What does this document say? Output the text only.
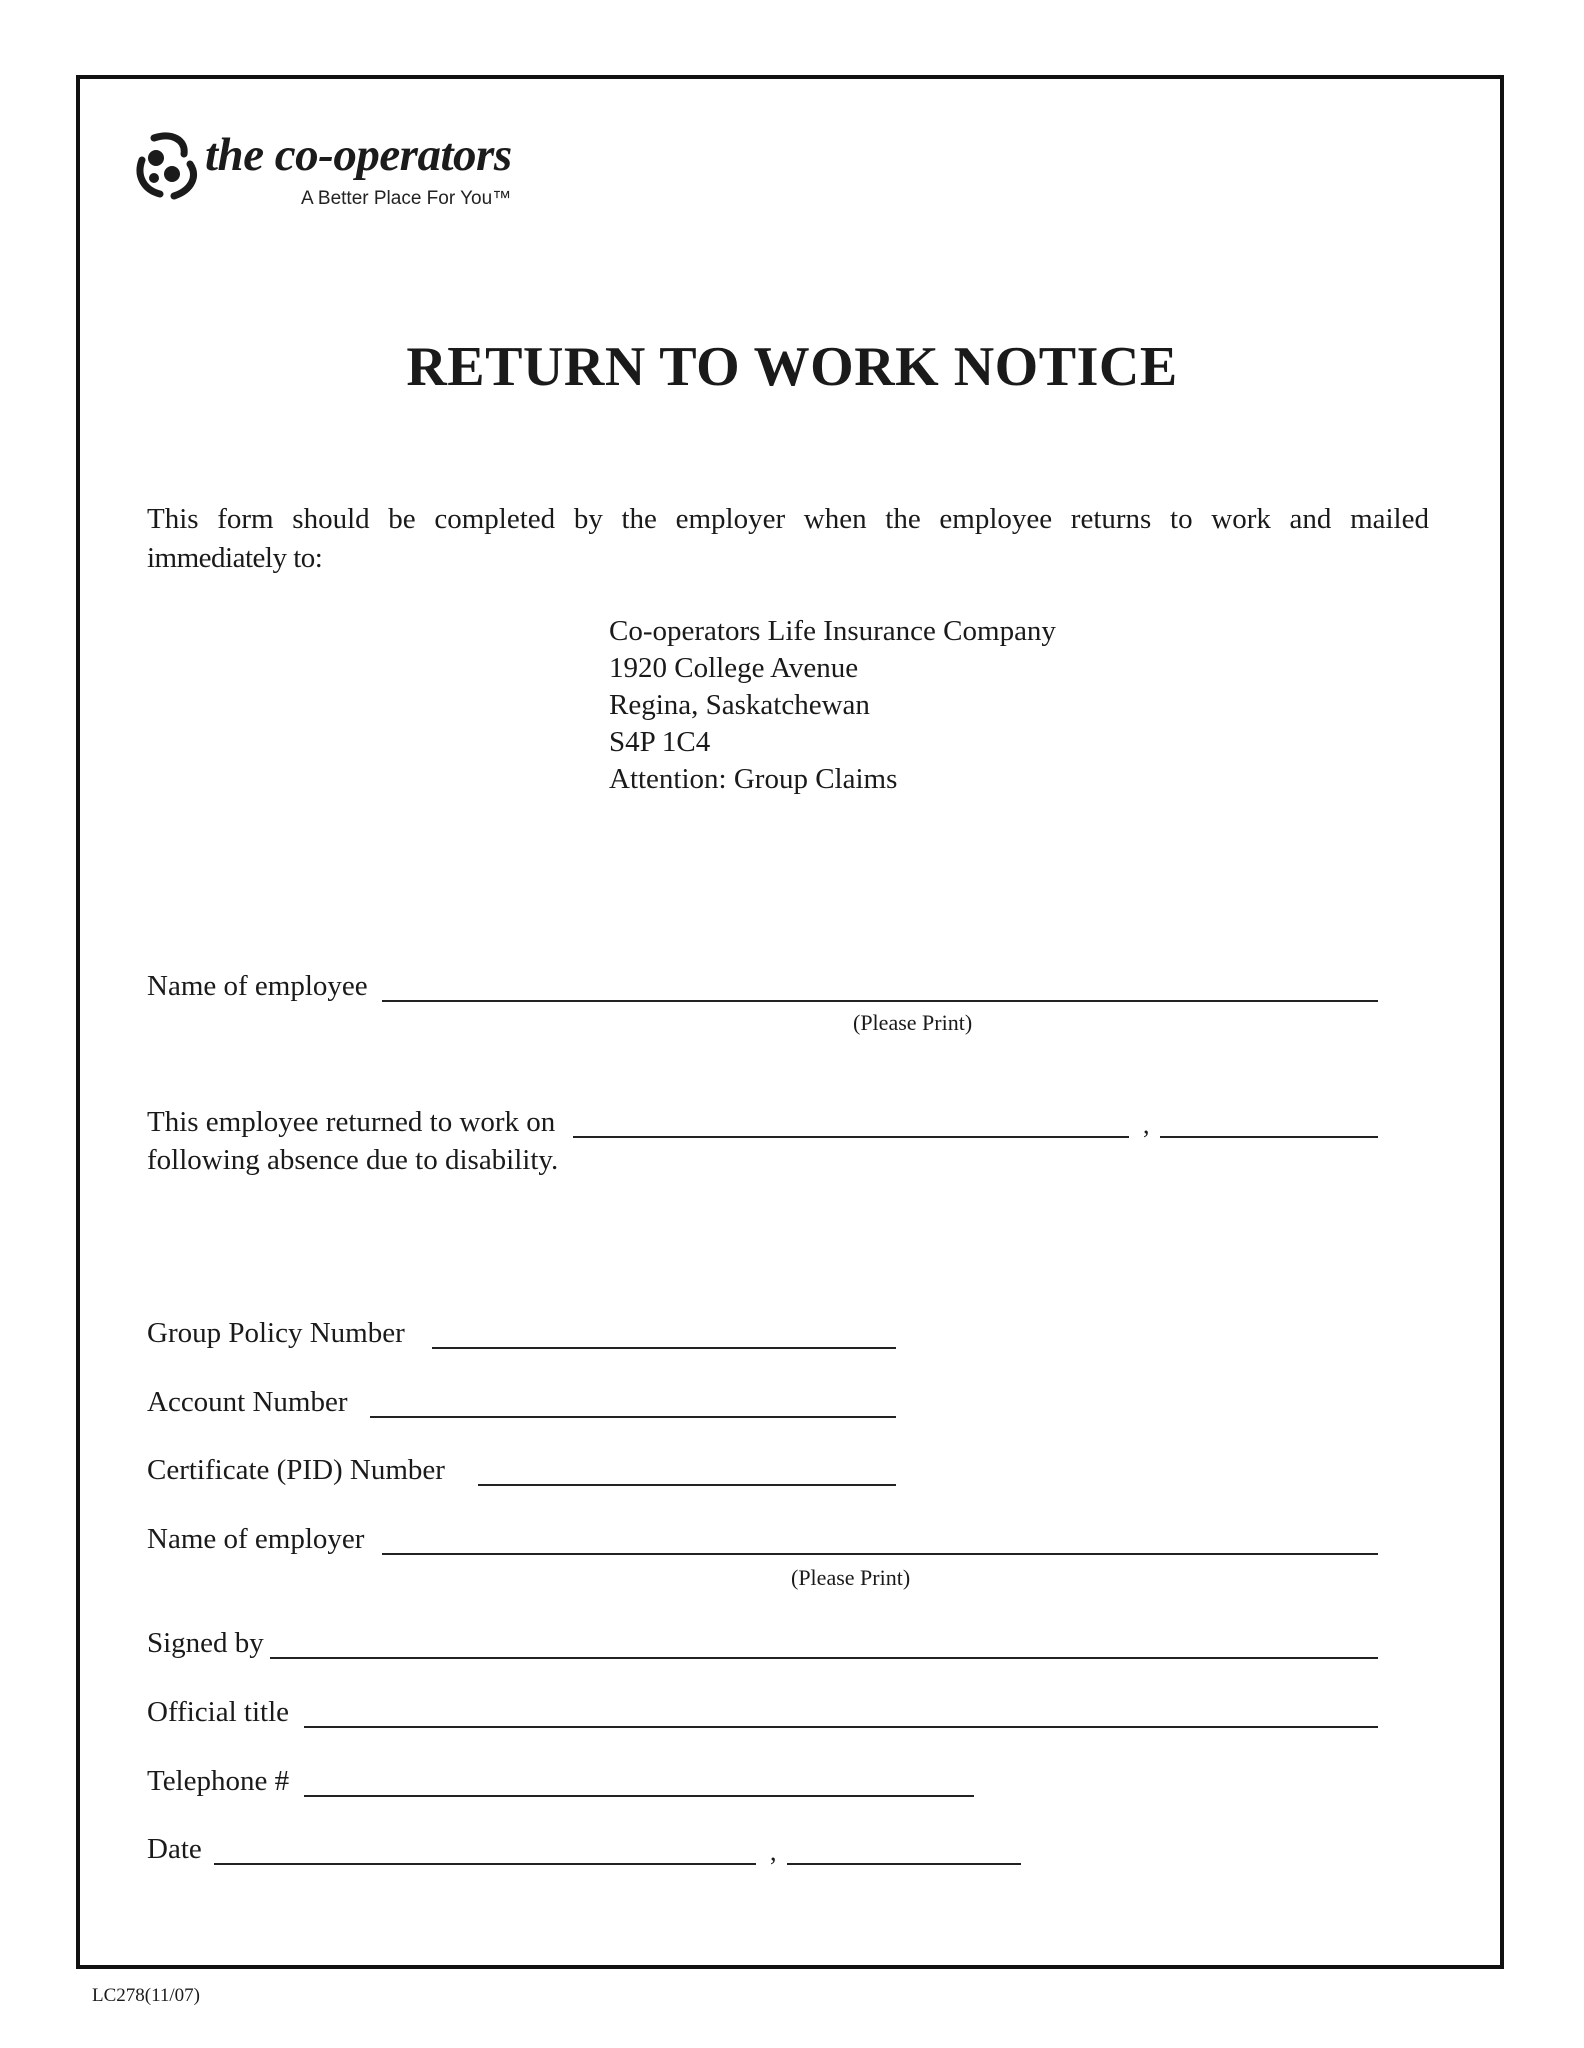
the co-operators
A Better Place For You™
RETURN TO WORK NOTICE
This form should be completed by the employer when the employee returns to work and mailed
immediately to:
Co-operators Life Insurance Company
1920 College Avenue
Regina, Saskatchewan
S4P 1C4
Attention: Group Claims
Name of employee
(Please Print)
This employee returned to work on	,
following absence due to disability.
Group Policy Number
Account Number
Certificate (PID) Number
Name of employer
(Please Print)
Signed by
Official title
Telephone #
Date	,
LC278(11/07)
